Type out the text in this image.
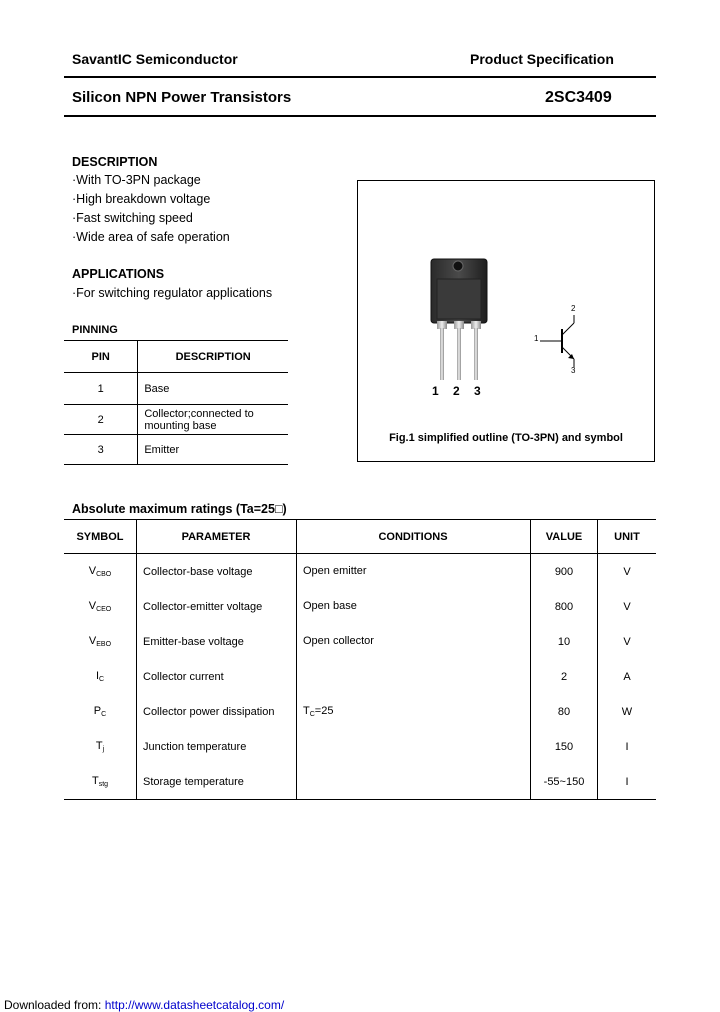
SavantIC Semiconductor	Product Specification
Silicon NPN Power Transistors	2SC3409
DESCRIPTION
·With TO-3PN package
·High breakdown voltage
·Fast switching speed
·Wide area of safe operation
APPLICATIONS
·For switching regulator applications
PINNING
PIN	DESCRIPTION
1	Base
2	Collector;connected to mounting base
3	Emitter
1 2 3
1
2
3
Fig.1 simplified outline (TO-3PN) and symbol
Absolute maximum ratings (Ta=25□)
SYMBOL	PARAMETER	CONDITIONS	VALUE	UNIT
$V_{CBO}$	Collector-base voltage	Open emitter	900	V
$V_{CEO}$	Collector-emitter voltage	Open base	800	V
$V_{EBO}$	Emitter-base voltage	Open collector	10	V
$I_C$	Collector current		2	A
$P_C$	Collector power dissipation	$T_C=25$	80	W
$T_j$	Junction temperature		150	I
$T_{stg}$	Storage temperature		-55~150	I
Downloaded from: http://www.datasheetcatalog.com/
